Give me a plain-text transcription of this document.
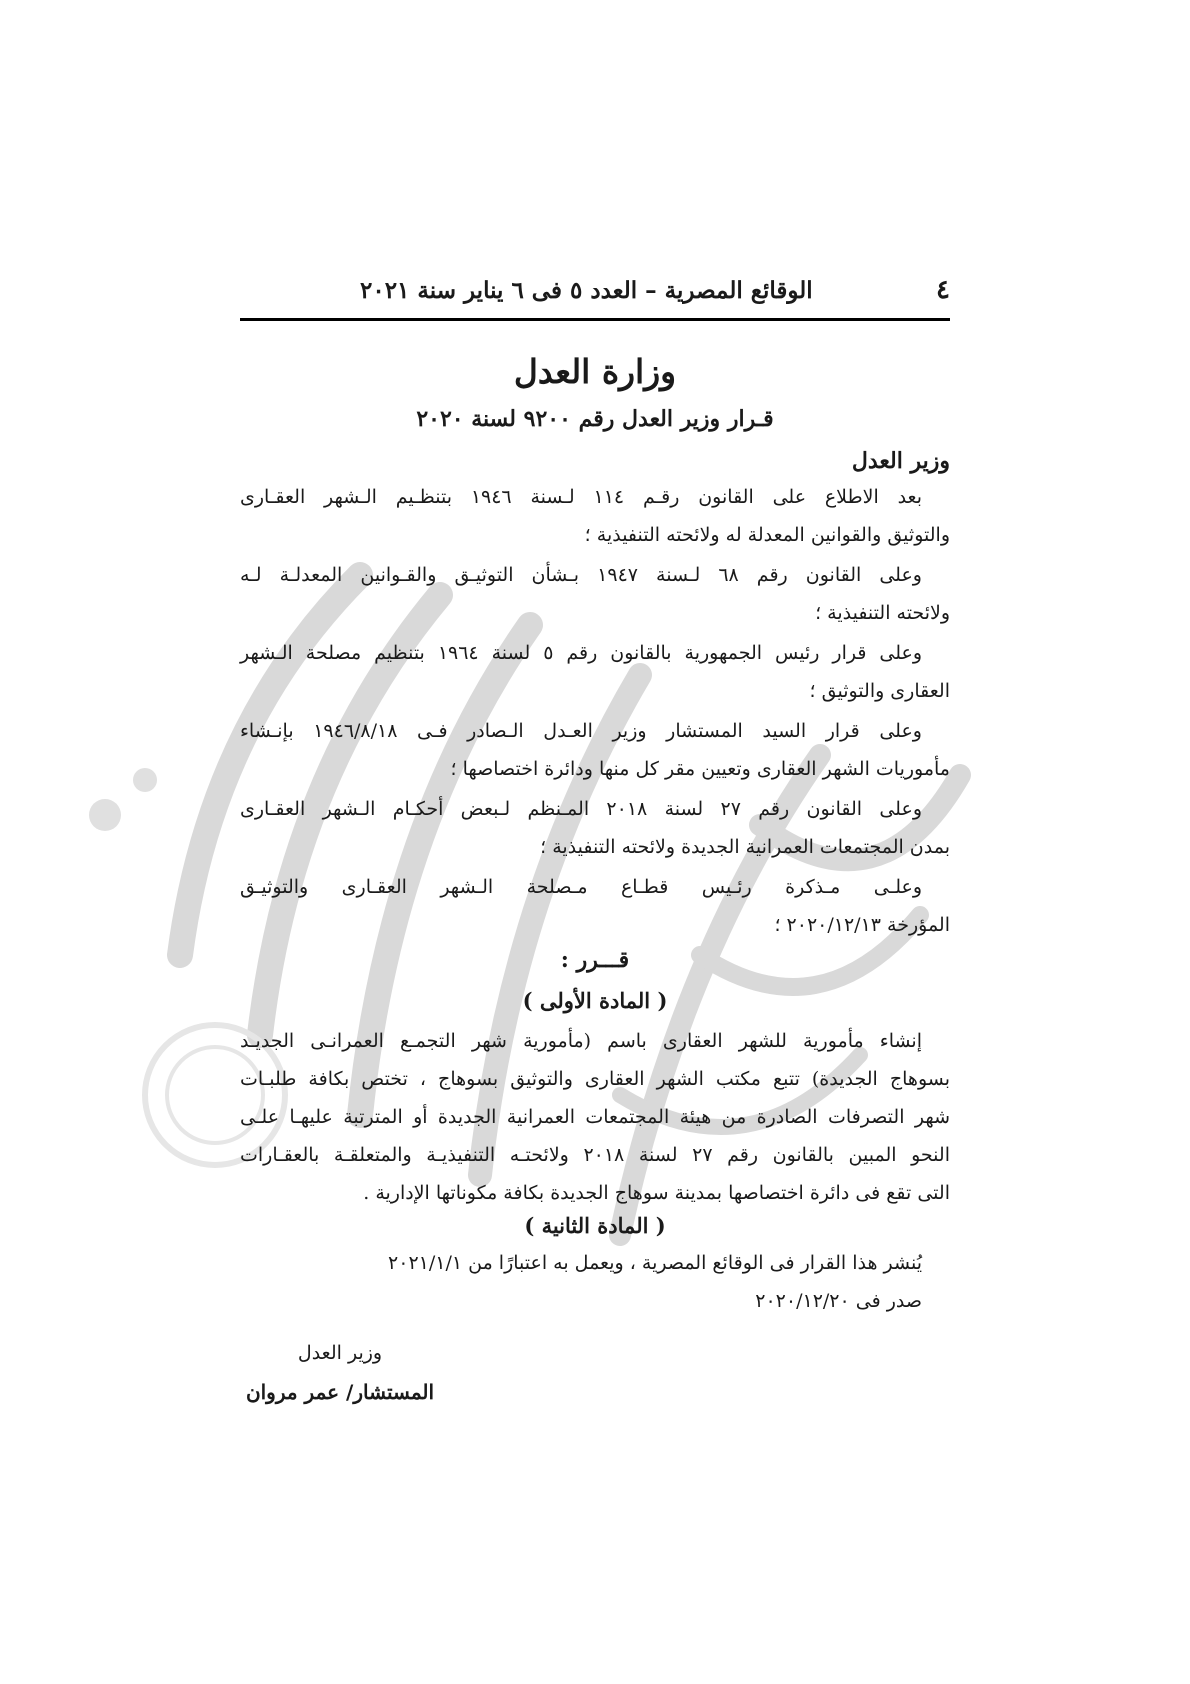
٤
الوقائع المصرية – العدد ٥ فى ٦ يناير سنة ٢٠٢١
وزارة العدل
قـرار وزير العدل رقم ٩٢٠٠ لسنة ٢٠٢٠
وزير العدل
بعد الاطلاع على القانون رقـم ١١٤ لـسنة ١٩٤٦ بتنظـيم الـشهر العقـارى
والتوثيق والقوانين المعدلة له ولائحته التنفيذية ؛
وعلى القانون رقم ٦٨ لـسنة ١٩٤٧ بـشأن التوثيـق والقـوانين المعدلـة لـه
ولائحته التنفيذية ؛
وعلى قرار رئيس الجمهورية بالقانون رقم ٥ لسنة ١٩٦٤ بتنظيم مصلحة الـشهر
العقارى والتوثيق ؛
وعلى قرار السيد المستشار وزير العـدل الـصادر فـى ١٩٤٦/٨/١٨ بإنـشاء
مأموريات الشهر العقارى وتعيين مقر كل منها ودائرة اختصاصها ؛
وعلى القانون رقم ٢٧ لسنة ٢٠١٨ المـنظم لـبعض أحكـام الـشهر العقـارى
بمدن المجتمعات العمرانية الجديدة ولائحته التنفيذية ؛
وعلـى مـذكرة رئـيس قطـاع مـصلحة الـشهر العقـارى والتوثيـق
المؤرخة ٢٠٢٠/١٢/١٣ ؛
قـــرر :
( المادة الأولى )
إنشاء مأمورية للشهر العقارى باسم (مأمورية شهر التجمـع العمرانـى الجديـد
بسوهاج الجديدة) تتبع مكتب الشهر العقارى والتوثيق بسوهاج ، تختص بكافة طلبـات
شهر التصرفات الصادرة من هيئة المجتمعات العمرانية الجديدة أو المترتبة عليهـا علـى
النحو المبين بالقانون رقم ٢٧ لسنة ٢٠١٨ ولائحتـه التنفيذيـة والمتعلقـة بالعقـارات
التى تقع فى دائرة اختصاصها بمدينة سوهاج الجديدة بكافة مكوناتها الإدارية .
( المادة الثانية )
يُنشر هذا القرار فى الوقائع المصرية ، ويعمل به اعتبارًا من ٢٠٢١/١/١
صدر فى ٢٠٢٠/١٢/٢٠
وزير العدل
المستشار/ عمر مروان
